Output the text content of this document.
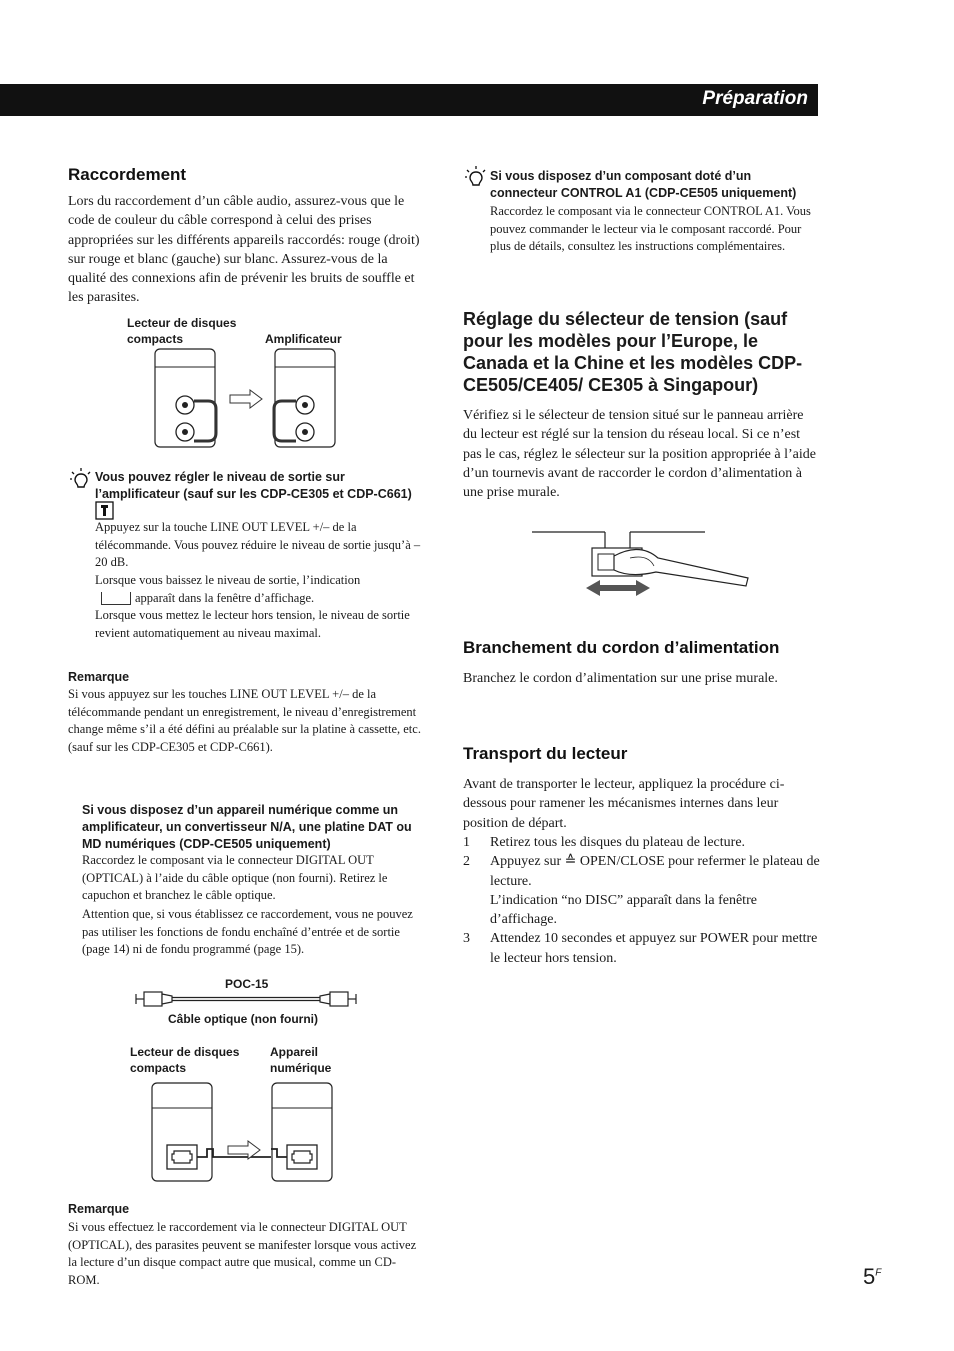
Préparation
Raccordement

Lors du raccordement d’un câble audio, assurez-vous que le code de couleur du câble correspond à celui des prises appropriées sur les différents appareils raccordés: rouge (droit) sur rouge et blanc (gauche) sur blanc. Assurez-vous de la qualité des connexions afin de prévenir les bruits de souffle et les parasites.

Lecteur de disques compacts	Amplificateur

Vous pouvez régler le niveau de sortie sur l’amplificateur (sauf sur les CDP-CE305 et CDP-C661)

Appuyez sur la touche LINE OUT LEVEL +/– de la télécommande. Vous pouvez réduire le niveau de sortie jusqu’à –20 dB.

Lorsque vous baissez le niveau de sortie, l’indication
apparaît dans la fenêtre d’affichage.

Lorsque vous mettez le lecteur hors tension, le niveau de sortie revient automatiquement au niveau maximal.

Remarque

Si vous appuyez sur les touches LINE OUT LEVEL +/– de la télécommande pendant un enregistrement, le niveau d’enregistrement change même s’il a été défini au préalable sur la platine à cassette, etc. (sauf sur les CDP-CE305 et CDP-C661).

Si vous disposez d’un appareil numérique comme un amplificateur, un convertisseur N/A, une platine DAT ou MD numériques (CDP-CE505 uniquement)

Raccordez le composant via le connecteur DIGITAL OUT (OPTICAL) à l’aide du câble optique (non fourni). Retirez le capuchon et branchez le câble optique.

Attention que, si vous établissez ce raccordement, vous ne pouvez pas utiliser les fonctions de fondu enchaîné d’entrée et de sortie (page 14) ni de fondu programmé (page 15).

POC-15
Câble optique (non fourni)
Lecteur de disques compacts
Appareil numérique

Remarque

Si vous effectuez le raccordement via le connecteur DIGITAL OUT (OPTICAL), des parasites peuvent se manifester lorsque vous activez la lecture d’un disque compact autre que musical, comme un CD-ROM.

Si vous disposez d’un composant doté d’un connecteur CONTROL A1 (CDP-CE505 uniquement)

Raccordez le composant via le connecteur CONTROL A1. Vous pouvez commander le lecteur via le composant raccordé. Pour plus de détails, consultez les instructions complémentaires.

Réglage du sélecteur de tension (sauf pour les modèles pour l’Europe, le Canada et la Chine et les modèles CDP-CE505/CE405/ CE305 à Singapour)

Vérifiez si le sélecteur de tension situé sur le panneau arrière du lecteur est réglé sur la tension du réseau local. Si ce n’est pas le cas, réglez le sélecteur sur la position appropriée à l’aide d’un tournevis avant de raccorder le cordon d’alimentation à une prise murale.

Branchement du cordon d’alimentation

Branchez le cordon d’alimentation sur une prise murale.

Transport du lecteur

Avant de transporter le lecteur, appliquez la procédure ci-dessous pour ramener les mécanismes internes dans leur position de départ.

1 Retirez tous les disques du plateau de lecture.
2 Appuyez sur ≙ OPEN/CLOSE pour refermer le plateau de lecture.
L’indication “no DISC” apparaît dans la fenêtre d’affichage.
3 Attendez 10 secondes et appuyez sur POWER pour mettre le lecteur hors tension.
$5^F$
